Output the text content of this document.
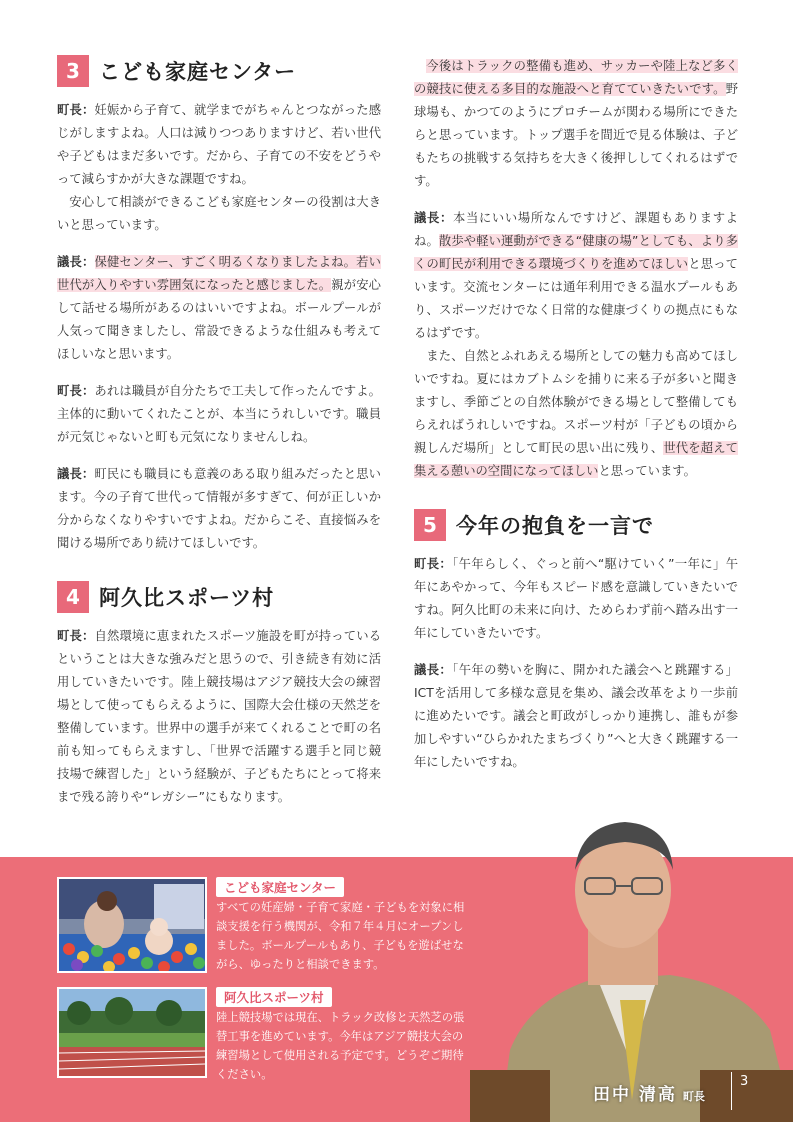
3 こども家庭センター

町長：妊娠から子育て、就学までがちゃんとつながった感じがしますよね。人口は減りつつありますけど、若い世代や子どもはまだ多いです。だから、子育ての不安をどうやって減らすかが大きな課題ですね。

安心して相談ができるこども家庭センターの役割は大きいと思っています。

議長：保健センター、すごく明るくなりましたよね。若い世代が入りやすい雰囲気になったと感じました。親が安心して話せる場所があるのはいいですよね。ボールプールが人気って聞きましたし、常設できるような仕組みも考えてほしいなと思います。

町長：あれは職員が自分たちで工夫して作ったんですよ。主体的に動いてくれたことが、本当にうれしいです。職員が元気じゃないと町も元気になりませんしね。

議長：町民にも職員にも意義のある取り組みだったと思います。今の子育て世代って情報が多すぎて、何が正しいか分からなくなりやすいですよね。だからこそ、直接悩みを聞ける場所であり続けてほしいです。

4 阿久比スポーツ村

町長：自然環境に恵まれたスポーツ施設を町が持っているということは大きな強みだと思うので、引き続き有効に活用していきたいです。陸上競技場はアジア競技大会の練習場として使ってもらえるように、国際大会仕様の天然芝を整備しています。世界中の選手が来てくれることで町の名前も知ってもらえますし、「世界で活躍する選手と同じ競技場で練習した」という経験が、子どもたちにとって将来まで残る誇りや“レガシー”にもなります。

今後はトラックの整備も進め、サッカーや陸上など多くの競技に使える多目的な施設へと育てていきたいです。野球場も、かつてのようにプロチームが関わる場所にできたらと思っています。トップ選手を間近で見る体験は、子どもたちの挑戦する気持ちを大きく後押ししてくれるはずです。

議長：本当にいい場所なんですけど、課題もありますよね。散歩や軽い運動ができる“健康の場”としても、より多くの町民が利用できる環境づくりを進めてほしいと思っています。交流センターには通年利用できる温水プールもあり、スポーツだけでなく日常的な健康づくりの拠点にもなるはずです。

また、自然とふれあえる場所としての魅力も高めてほしいですね。夏にはカブトムシを捕りに来る子が多いと聞きますし、季節ごとの自然体験ができる場として整備してもらえればうれしいですね。スポーツ村が「子どもの頃から親しんだ場所」として町民の思い出に残り、世代を超えて集える憩いの空間になってほしいと思っています。

5 今年の抱負を一言で

町長：「午年らしく、ぐっと前へ“駆けていく”一年に」午年にあやかって、今年もスピード感を意識していきたいですね。阿久比町の未来に向け、ためらわず前へ踏み出す一年にしていきたいです。

議長：「午年の勢いを胸に、開かれた議会へと跳躍する」ICTを活用して多様な意見を集め、議会改革をより一歩前に進めたいです。議会と町政がしっかり連携し、誰もが参加しやすい“ひらかれたまちづくり”へと大きく跳躍する一年にしたいですね。

こども家庭センター
すべての妊産婦・子育て家庭・子どもを対象に相談支援を行う機関が、令和７年４月にオープンしました。ボールプールもあり、子どもを遊ばせながら、ゆったりと相談できます。
阿久比スポーツ村
陸上競技場では現在、トラック改修と天然芝の張替工事を進めています。今年はアジア競技大会の練習場として使用される予定です。どうぞご期待ください。
田中 清高 町長
3
